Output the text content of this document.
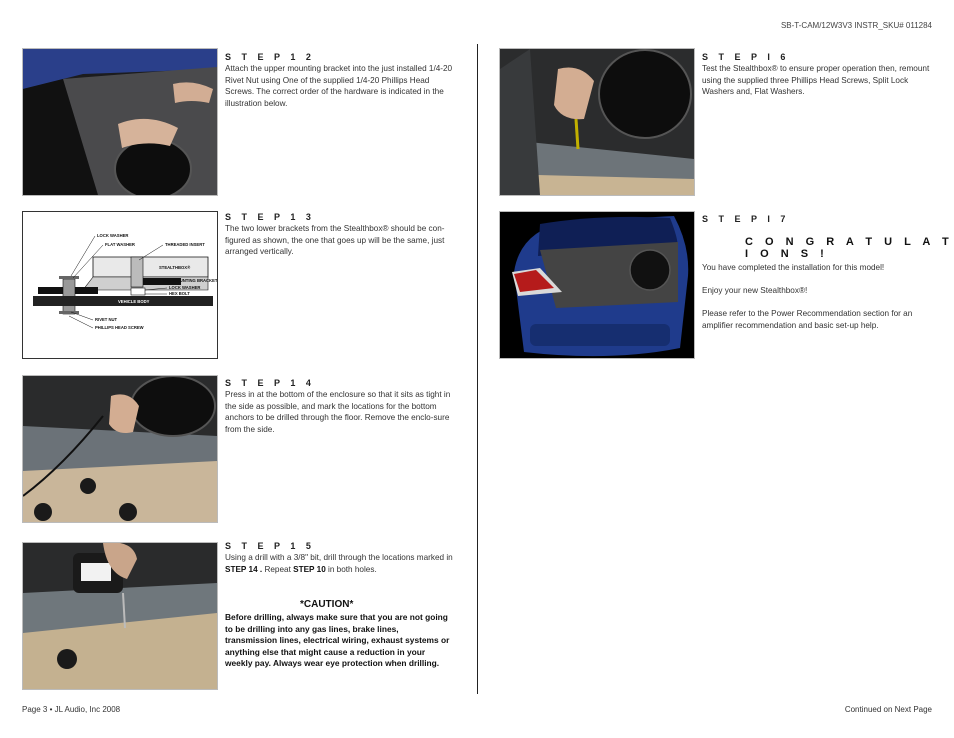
SB-T-CAM/12W3V3 INSTR_SKU# 011284
S T E P 1 2
Attach the upper mounting bracket into the just installed 1/4-20 Rivet Nut using One of the supplied 1/4-20 Phillips Head Screws. The correct order of the hardware is indicated in the illustration below.
LOCK WASHER
FLAT WASHER	THREADED INSERT
STEALTHBOX®
MOUNTING BRACKET
LOCK WASHER
HEX BOLT
VEHICLE BODY
RIVET NUT
PHILLIPS HEAD SCREW
S T E P 1 3
The two lower brackets from the Stealthbox® should be con-figured as shown, the one that goes up will be the same, just arranged vertically.
S T E P 1 4
Press in at the bottom of the enclosure so that it sits as tight in the side as possible, and mark the locations for the bottom anchors to be drilled through the floor. Remove the enclo-sure from the side.
S T E P 1 5
Using a drill with a 3/8" bit, drill through the locations marked in STEP 14 . Repeat STEP 10 in both holes.
*CAUTION*
Before drilling, always make sure that you are not going to be drilling into any gas lines, brake lines, transmission lines, electrical wiring, exhaust systems or anything else that might cause a reduction in your weekly pay. Always wear eye protection when drilling.
S T E P I 6
Test the Stealthbox® to ensure proper operation then, remount using the supplied three Phillips Head Screws, Split Lock Washers and, Flat Washers.
S T E P I 7
C O N G R A T U L A T I O N S !
You have completed the installation for this model!
Enjoy your new Stealthbox®!
Please refer to the Power Recommendation section for an amplifier recommendation and basic set-up help.
Page 3 • JL Audio, Inc 2008	Continued on Next Page
